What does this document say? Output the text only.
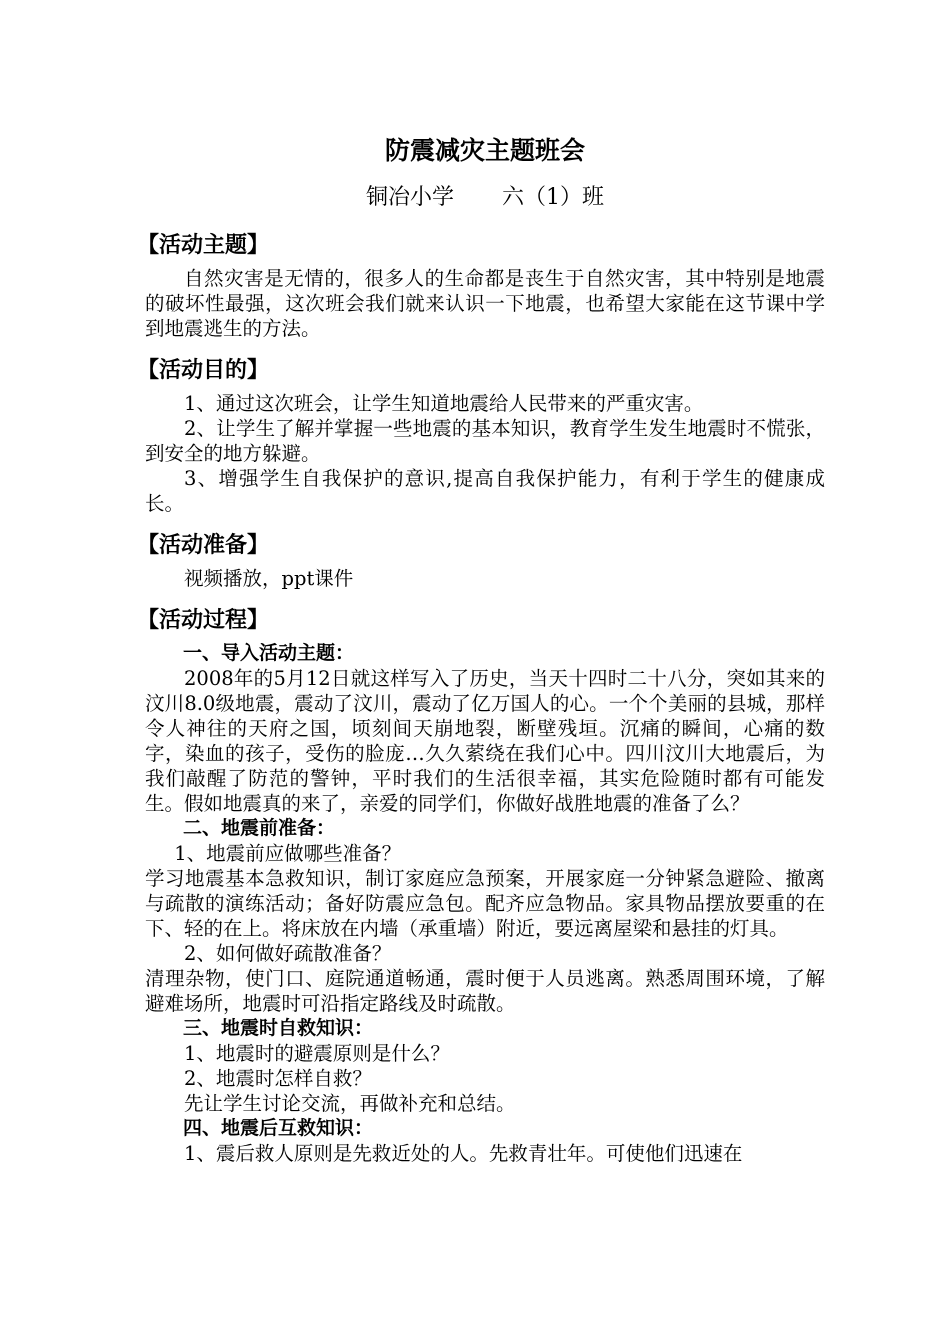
防震减灾主题班会
铜冶小学 六（1）班
【活动主题】

自然灾害是无情的，很多人的生命都是丧生于自然灾害，其中特别是地震的破坏性最强，这次班会我们就来认识一下地震，也希望大家能在这节课中学到地震逃生的方法。

【活动目的】

1、通过这次班会，让学生知道地震给人民带来的严重灾害。

2、让学生了解并掌握一些地震的基本知识，教育学生发生地震时不慌张，到安全的地方躲避。

3、增强学生自我保护的意识,提高自我保护能力，有利于学生的健康成长。

【活动准备】

视频播放，ppt课件

【活动过程】
一、导入活动主题：

2008年的5月12日就这样写入了历史，当天十四时二十八分，突如其来的汶川8.0级地震，震动了汶川，震动了亿万国人的心。一个个美丽的县城，那样令人神往的天府之国，顷刻间天崩地裂，断壁残垣。沉痛的瞬间，心痛的数字，染血的孩子，受伤的脸庞…久久萦绕在我们心中。四川汶川大地震后，为我们敲醒了防范的警钟，平时我们的生活很幸福，其实危险随时都有可能发生。假如地震真的来了，亲爱的同学们，你做好战胜地震的准备了么？

二、地震前准备：

1、地震前应做哪些准备？

学习地震基本急救知识，制订家庭应急预案，开展家庭一分钟紧急避险、撤离与疏散的演练活动；备好防震应急包。配齐应急物品。家具物品摆放要重的在下、轻的在上。将床放在内墙（承重墙）附近，要远离屋梁和悬挂的灯具。

2、如何做好疏散准备？

清理杂物，使门口、庭院通道畅通，震时便于人员逃离。熟悉周围环境，了解避难场所，地震时可沿指定路线及时疏散。

三、地震时自救知识：

1、地震时的避震原则是什么？

2、地震时怎样自救？

先让学生讨论交流，再做补充和总结。

四、地震后互救知识：

1、震后救人原则是先救近处的人。先救青壮年。可使他们迅速在
